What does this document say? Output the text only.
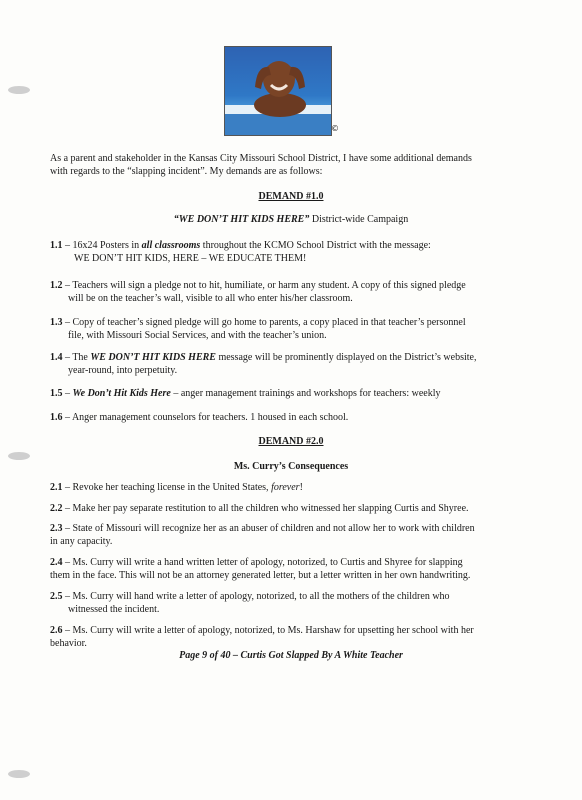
©
As a parent and stakeholder in the Kansas City Missouri School District, I have some additional demands
with regards to the “slapping incident”. My demands are as follows:
DEMAND #1.0
“WE DON’T HIT KIDS HERE” District-wide Campaign
1.1 – 16x24 Posters in all classrooms throughout the KCMO School District with the message:
WE DON’T HIT KIDS, HERE – WE EDUCATE THEM!
1.2 – Teachers will sign a pledge not to hit, humiliate, or harm any student. A copy of this signed pledge
will be on the teacher’s wall, visible to all who enter his/her classroom.
1.3 – Copy of teacher’s signed pledge will go home to parents, a copy placed in that teacher’s personnel
file, with Missouri Social Services, and with the teacher’s union.
1.4 – The WE DON’T HIT KIDS HERE message will be prominently displayed on the District’s website,
year-round, into perpetuity.
1.5 – We Don’t Hit Kids Here – anger management trainings and workshops for teachers: weekly
1.6 – Anger management counselors for teachers. 1 housed in each school.
DEMAND #2.0
Ms. Curry’s Consequences
2.1 – Revoke her teaching license in the United States, forever!
2.2 – Make her pay separate restitution to all the children who witnessed her slapping Curtis and Shyree.
2.3 – State of Missouri will recognize her as an abuser of children and not allow her to work with children
in any capacity.
2.4 – Ms. Curry will write a hand written letter of apology, notorized, to Curtis and Shyree for slapping
them in the face. This will not be an attorney generated letter, but a letter written in her own handwriting.
2.5 – Ms. Curry will hand write a letter of apology, notorized, to all the mothers of the children who
witnessed the incident.
2.6 – Ms. Curry will write a letter of apology, notorized, to Ms. Harshaw for upsetting her school with her
behavior.
Page 9 of 40 – Curtis Got Slapped By A White Teacher
